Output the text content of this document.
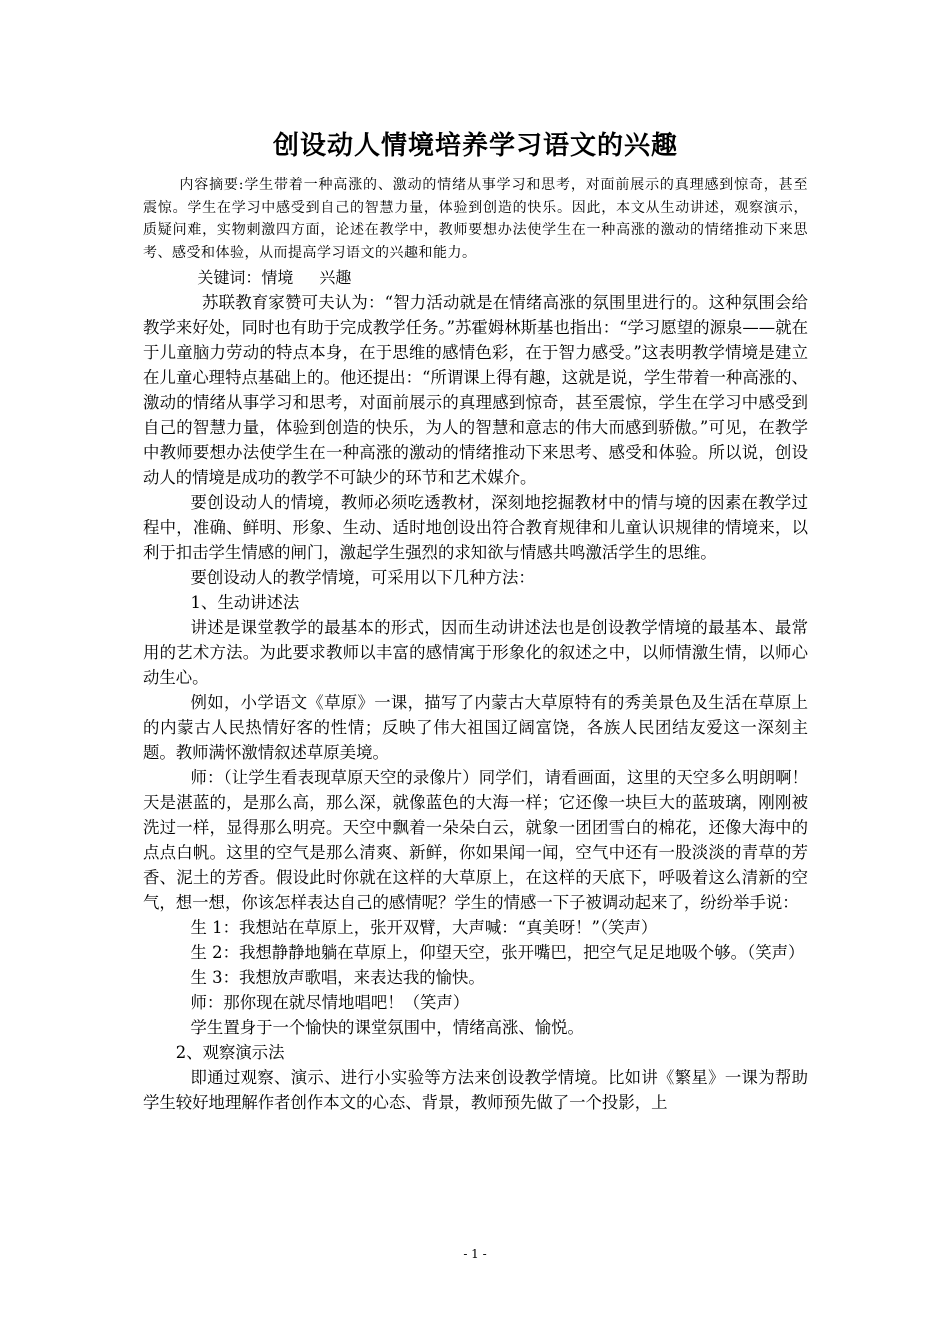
创设动人情境培养学习语文的兴趣

内容摘要:学生带着一种高涨的、激动的情绪从事学习和思考，对面前展示的真理感到惊奇，甚至震惊。学生在学习中感受到自己的智慧力量，体验到创造的快乐。因此，本文从生动讲述，观察演示，质疑问难，实物刺激四方面，论述在教学中，教师要想办法使学生在一种高涨的激动的情绪推动下来思考、感受和体验，从而提高学习语文的兴趣和能力。

关键词：情境 兴趣

苏联教育家赞可夫认为：“智力活动就是在情绪高涨的氛围里进行的。这种氛围会给教学来好处，同时也有助于完成教学任务。”苏霍姆林斯基也指出：“学习愿望的源泉——就在于儿童脑力劳动的特点本身，在于思维的感情色彩，在于智力感受。”这表明教学情境是建立在儿童心理特点基础上的。他还提出：“所谓课上得有趣，这就是说，学生带着一种高涨的、激动的情绪从事学习和思考，对面前展示的真理感到惊奇，甚至震惊，学生在学习中感受到自己的智慧力量，体验到创造的快乐，为人的智慧和意志的伟大而感到骄傲。”可见，在教学中教师要想办法使学生在一种高涨的激动的情绪推动下来思考、感受和体验。所以说，创设动人的情境是成功的教学不可缺少的环节和艺术媒介。

要创设动人的情境，教师必须吃透教材，深刻地挖掘教材中的情与境的因素在教学过程中，准确、鲜明、形象、生动、适时地创设出符合教育规律和儿童认识规律的情境来，以利于扣击学生情感的闸门，激起学生强烈的求知欲与情感共鸣激活学生的思维。

要创设动人的教学情境，可采用以下几种方法：

1、生动讲述法

讲述是课堂教学的最基本的形式，因而生动讲述法也是创设教学情境的最基本、最常用的艺术方法。为此要求教师以丰富的感情寓于形象化的叙述之中，以师情激生情，以师心动生心。

例如，小学语文《草原》一课，描写了内蒙古大草原特有的秀美景色及生活在草原上的内蒙古人民热情好客的性情；反映了伟大祖国辽阔富饶，各族人民团结友爱这一深刻主题。教师满怀激情叙述草原美境。

师：（让学生看表现草原天空的录像片）同学们，请看画面，这里的天空多么明朗啊！天是湛蓝的，是那么高，那么深，就像蓝色的大海一样；它还像一块巨大的蓝玻璃，刚刚被洗过一样，显得那么明亮。天空中飘着一朵朵白云，就象一团团雪白的棉花，还像大海中的点点白帆。这里的空气是那么清爽、新鲜，你如果闻一闻，空气中还有一股淡淡的青草的芳香、泥土的芳香。假设此时你就在这样的大草原上，在这样的天底下，呼吸着这么清新的空气，想一想，你该怎样表达自己的感情呢？学生的情感一下子被调动起来了，纷纷举手说：

生 1：我想站在草原上，张开双臂，大声喊：“真美呀！”（笑声）

生 2：我想静静地躺在草原上，仰望天空，张开嘴巴，把空气足足地吸个够。（笑声）

生 3：我想放声歌唱，来表达我的愉快。

师：那你现在就尽情地唱吧！（笑声）

学生置身于一个愉快的课堂氛围中，情绪高涨、愉悦。

2、观察演示法

即通过观察、演示、进行小实验等方法来创设教学情境。比如讲《繁星》一课为帮助学生较好地理解作者创作本文的心态、背景，教师预先做了一个投影，上

- 1 -
